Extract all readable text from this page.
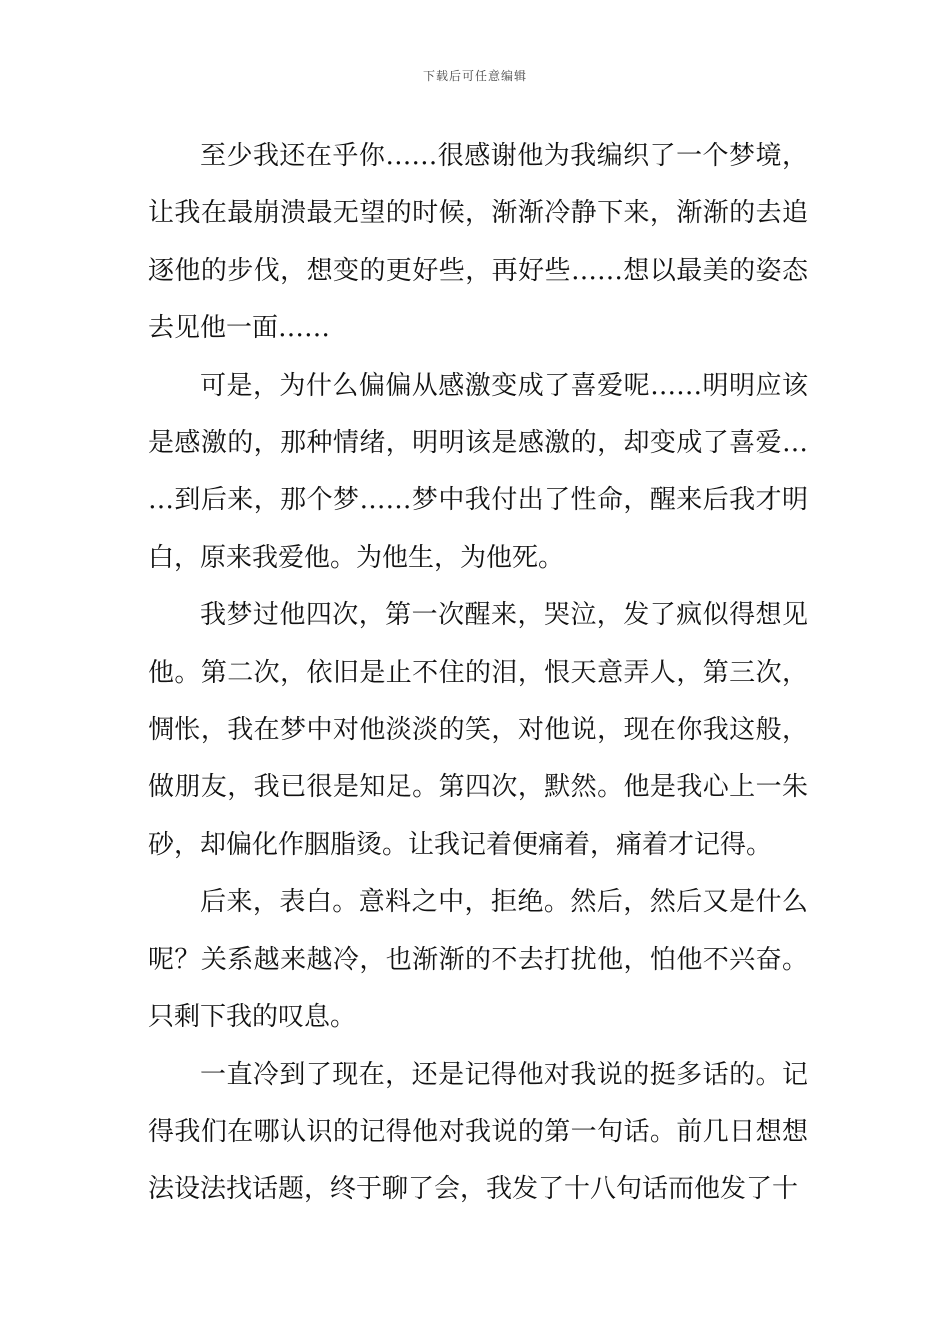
下载后可任意编辑

至少我还在乎你……很感谢他为我编织了一个梦境，让我在最崩溃最无望的时候，渐渐冷静下来，渐渐的去追逐他的步伐，想变的更好些，再好些……想以最美的姿态去见他一面……

可是，为什么偏偏从感激变成了喜爱呢……明明应该是感激的，那种情绪，明明该是感激的，却变成了喜爱……到后来，那个梦……梦中我付出了性命，醒来后我才明白，原来我爱他。为他生，为他死。

我梦过他四次，第一次醒来，哭泣，发了疯似得想见他。第二次，依旧是止不住的泪，恨天意弄人，第三次，惆怅，我在梦中对他淡淡的笑，对他说，现在你我这般，做朋友，我已很是知足。第四次，默然。他是我心上一朱砂，却偏化作胭脂烫。让我记着便痛着，痛着才记得。

后来，表白。意料之中，拒绝。然后，然后又是什么呢？关系越来越冷，也渐渐的不去打扰他，怕他不兴奋。只剩下我的叹息。

一直冷到了现在，还是记得他对我说的挺多话的。记得我们在哪认识的记得他对我说的第一句话。前几日想想法设法找话题，终于聊了会，我发了十八句话而他发了十
